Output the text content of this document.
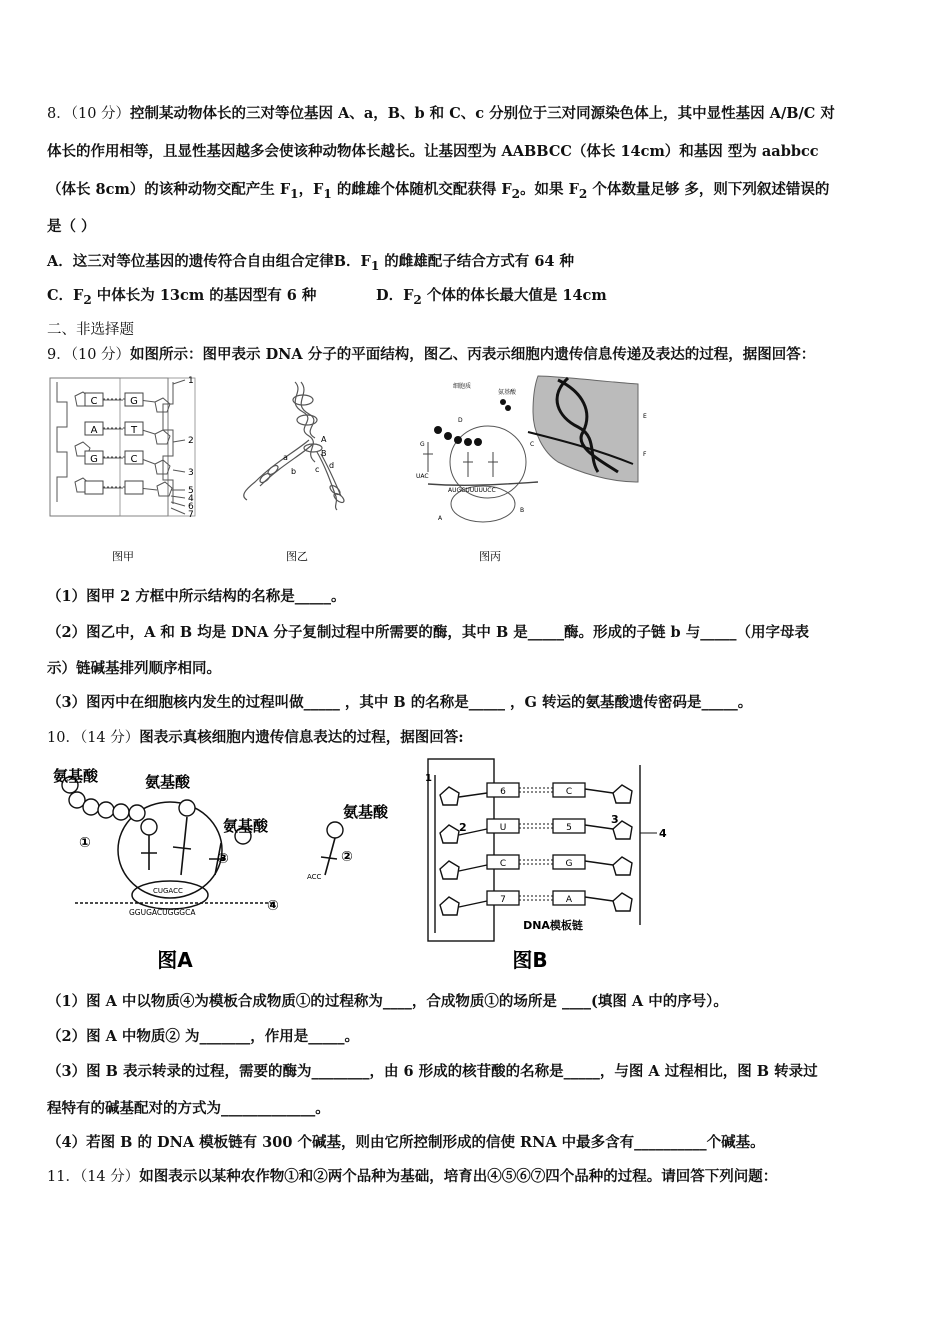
8．（10 分）控制某动物体长的三对等位基因 A、a，B、b 和 C、c 分别位于三对同源染色体上，其中显性基因 A/B/C 对
体长的作用相等，且显性基因越多会使该种动物体长越长。让基因型为 AABBCC（体长 14cm）和基因 型为 aabbcc
（体长 8cm）的该种动物交配产生 $F_1$，$F_1$ 的雌雄个体随机交配获得 $F_2$。如果 $F_2$ 个体数量足够 多，则下列叙述错误的
是（ ）
A．这三对等位基因的遗传符合自由组合定律B．$F_1$ 的雌雄配子结合方式有 64 种
C．$F_2$ 中体长为 13cm 的基因型有 6 种	D．$F_2$ 个体的体长最大值是 14cm
二、非选择题
9．（10 分）如图所示：图甲表示 DNA 分子的平面结构，图乙、丙表示细胞内遗传信息传递及表达的过程，据图回答：
C
A
G
G
T
C
1
2
3
5
4
6
7
图甲
a
b
A
B
c d
图乙
细胞质
氨基酸
D
G	C
A
B
E
F
UAC
AUGCUUUUUCC
图丙
（1）图甲 2 方框中所示结构的名称是_____。
（2）图乙中，A 和 B 均是 DNA 分子复制过程中所需要的酶，其中 B 是_____酶。形成的子链 b 与_____（用字母表
示）链碱基排列顺序相同。
（3）图丙中在细胞核内发生的过程叫做_____ ，其中 B 的名称是_____ ，G 转运的氨基酸遗传密码是_____。
10．（14 分）图表示真核细胞内遗传信息表达的过程，据图回答:
氨基酸	氨基酸
氨基酸
氨基酸
①
③
④
②
CUGACC
GGUGACUGGGCA
ACC
图A
6
U
C
7
C
5
G
A
1
2
3
4
DNA模板链
图B
（1）图 A 中以物质④为模板合成物质①的过程称为____，合成物质①的场所是 ____(填图 A 中的序号）。
（2）图 A 中物质② 为_______，作用是_____。
（3）图 B 表示转录的过程，需要的酶为________，由 6 形成的核苷酸的名称是_____，与图 A 过程相比，图 B 转录过
程特有的碱基配对的方式为_____________。
（4）若图 B 的 DNA 模板链有 300 个碱基，则由它所控制形成的信使 RNA 中最多含有__________个碱基。
11．（14 分）如图表示以某种农作物①和②两个品种为基础，培育出④⑤⑥⑦四个品种的过程。请回答下列问题：
